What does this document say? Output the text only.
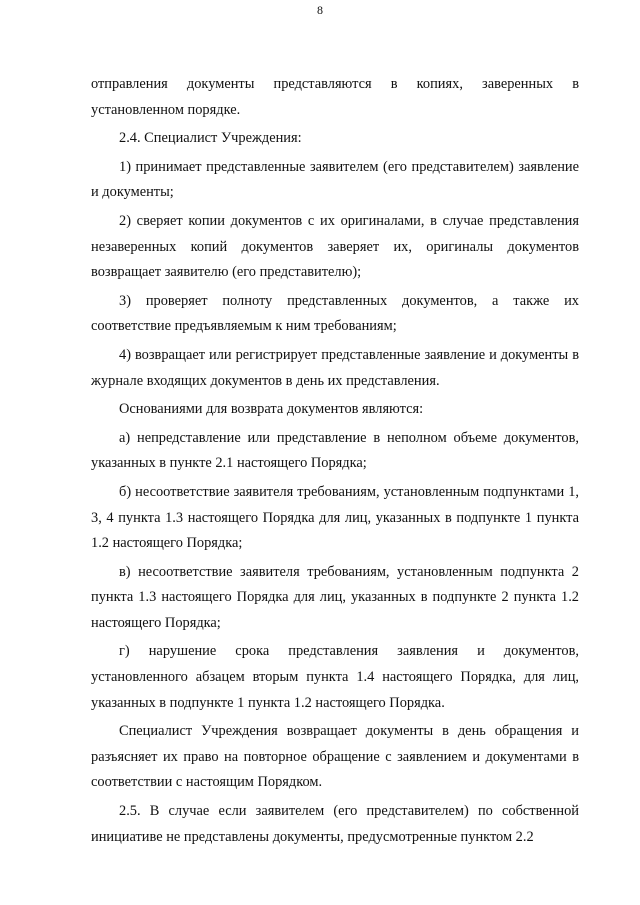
8

отправления документы представляются в копиях, заверенных в установленном порядке.

2.4. Специалист Учреждения:

1) принимает представленные заявителем (его представителем) заявление и документы;

2) сверяет копии документов с их оригиналами, в случае представления незаверенных копий документов заверяет их, оригиналы документов возвращает заявителю (его представителю);

3) проверяет полноту представленных документов, а также их соответствие предъявляемым к ним требованиям;

4) возвращает или регистрирует представленные заявление и документы в журнале входящих документов в день их представления.

Основаниями для возврата документов являются:

а) непредставление или представление в неполном объеме документов, указанных в пункте 2.1 настоящего Порядка;

б) несоответствие заявителя требованиям, установленным подпунктами 1, 3, 4 пункта 1.3 настоящего Порядка для лиц, указанных в подпункте 1 пункта 1.2 настоящего Порядка;

в) несоответствие заявителя требованиям, установленным подпункта 2 пункта 1.3 настоящего Порядка для лиц, указанных в подпункте 2 пункта 1.2 настоящего Порядка;

г) нарушение срока представления заявления и документов, установленного абзацем вторым пункта 1.4 настоящего Порядка, для лиц, указанных в подпункте 1 пункта 1.2 настоящего Порядка.

Специалист Учреждения возвращает документы в день обращения и разъясняет их право на повторное обращение с заявлением и документами в соответствии с настоящим Порядком.

2.5. В случае если заявителем (его представителем) по собственной инициативе не представлены документы, предусмотренные пунктом 2.2
